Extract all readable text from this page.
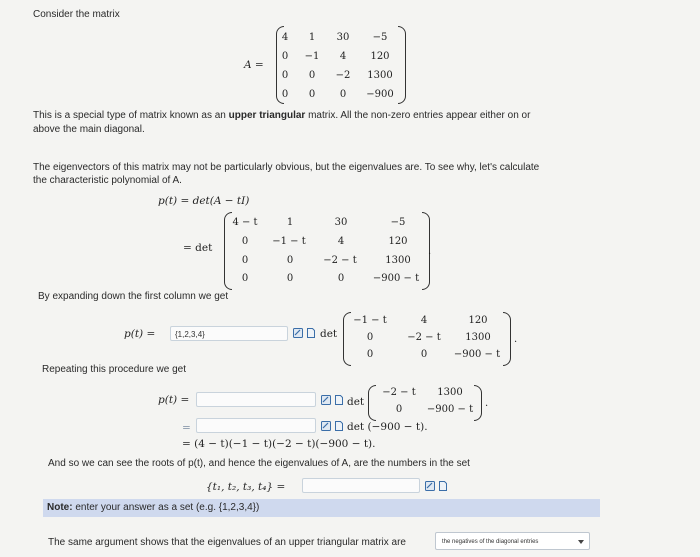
Consider the matrix
A =
4	1	30	−5
0	−1	4	120
0	0	−2	1300
0	0	0	−900
This is a special type of matrix known as an upper triangular matrix. All the non-zero entries appear either on or
above the main diagonal.
The eigenvectors of this matrix may not be particularly obvious, but the eigenvalues are. To see why, let's calculate
the characteristic polynomial of A.
p(t) = det(A − tI)
= det
4 − t	1	30	−5
0	−1 − t	4	120
0	0	−2 − t	1300
0	0	0	−900 − t
.
By expanding down the first column we get
p(t) =	{1,2,3,4}	det
−1 − t	4	120
0	−2 − t	1300
0	0	−900 − t
.
Repeating this procedure we get
p(t) =	det
−2 − t	1300
0	−900 − t
.
=	det (−900 − t).
= (4 − t)(−1 − t)(−2 − t)(−900 − t).
And so we can see the roots of p(t), and hence the eigenvalues of A, are the numbers in the set
{t₁, t₂, t₃, t₄} =
Note: enter your answer as a set (e.g. {1,2,3,4})
The same argument shows that the eigenvalues of an upper triangular matrix are	the negatives of the diagonal entries
